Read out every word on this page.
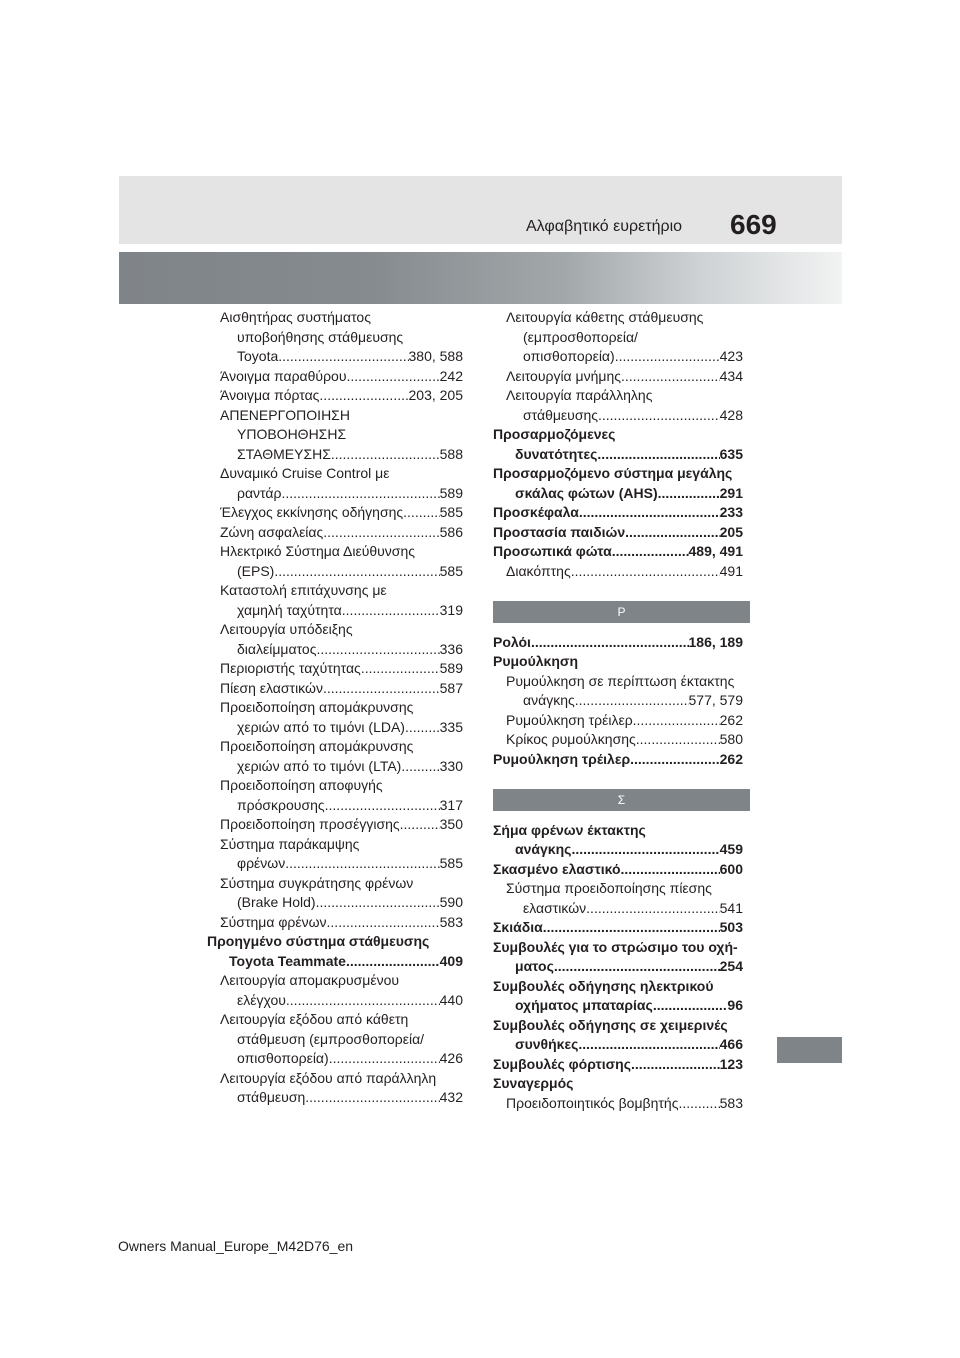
Αλφαβητικό ευρετήριο 669
Αισθητήρας συστήματος
υποβοήθησης στάθμευσης
Toyota .....	380, 588
Άνοιγμα παραθύρου .....	242
Άνοιγμα πόρτας .....	203, 205
ΑΠΕΝΕΡΓΟΠΟΙΗΣΗ
ΥΠΟΒΟΗΘΗΣΗΣ
ΣΤΑΘΜΕΥΣΗΣ .....	588
Δυναμικό Cruise Control με
ραντάρ .....	589
Έλεγχος εκκίνησης οδήγησης .....	585
Ζώνη ασφαλείας .....	586
Ηλεκτρικό Σύστημα Διεύθυνσης
(EPS) .....	585
Καταστολή επιτάχυνσης με
χαμηλή ταχύτητα .....	319
Λειτουργία υπόδειξης
διαλείμματος .....	336
Περιοριστής ταχύτητας .....	589
Πίεση ελαστικών .....	587
Προειδοποίηση απομάκρυνσης
χεριών από το τιμόνι (LDA) ..... 335
Προειδοποίηση απομάκρυνσης
χεριών από το τιμόνι (LTA) .....	330
Προειδοποίηση αποφυγής
πρόσκρουσης .....	317
Προειδοποίηση προσέγγισης .....	350
Σύστημα παράκαμψης
φρένων .....	585
Σύστημα συγκράτησης φρένων
(Brake Hold) .....	590
Σύστημα φρένων .....	583
Προηγμένο σύστημα στάθμευσης
Toyota Teammate .....	409
Λειτουργία απομακρυσμένου
ελέγχου .....	440
Λειτουργία εξόδου από κάθετη
στάθμευση (εμπροσθοπορεία/
οπισθοπορεία) .....	426
Λειτουργία εξόδου από παράλληλη
στάθμευση .....	432
Λειτουργία κάθετης στάθμευσης
(εμπροσθοπορεία/
οπισθοπορεία) .....	423
Λειτουργία μνήμης .....	434
Λειτουργία παράλληλης
στάθμευσης .....	428
Προσαρμοζόμενες
δυνατότητες .....	635
Προσαρμοζόμενο σύστημα μεγάλης
σκάλας φώτων (AHS) .....	291
Προσκέφαλα .....	233
Προστασία παιδιών .....	205
Προσωπικά φώτα .....	489, 491
Διακόπτης .....	491
Ρ
Ρολόι .....	186, 189
Ρυμούλκηση
Ρυμούλκηση σε περίπτωση έκτακτης
ανάγκης .....	577, 579
Ρυμούλκηση τρέιλερ .....	262
Κρίκος ρυμούλκησης .....	580
Ρυμούλκηση τρέιλερ .....	262
Σ
Σήμα φρένων έκτακτης
ανάγκης .....	459
Σκασμένο ελαστικό .....	600
Σύστημα προειδοποίησης πίεσης
ελαστικών .....	541
Σκιάδια .....	503
Συμβουλές για το στρώσιμο του οχή-
ματος .....	254
Συμβουλές οδήγησης ηλεκτρικού
οχήματος μπαταρίας .....	96
Συμβουλές οδήγησης σε χειμερινές
συνθήκες .....	466
Συμβουλές φόρτισης .....	123
Συναγερμός
Προειδοποιητικός βομβητής .....	583
Owners Manual_Europe_M42D76_en
